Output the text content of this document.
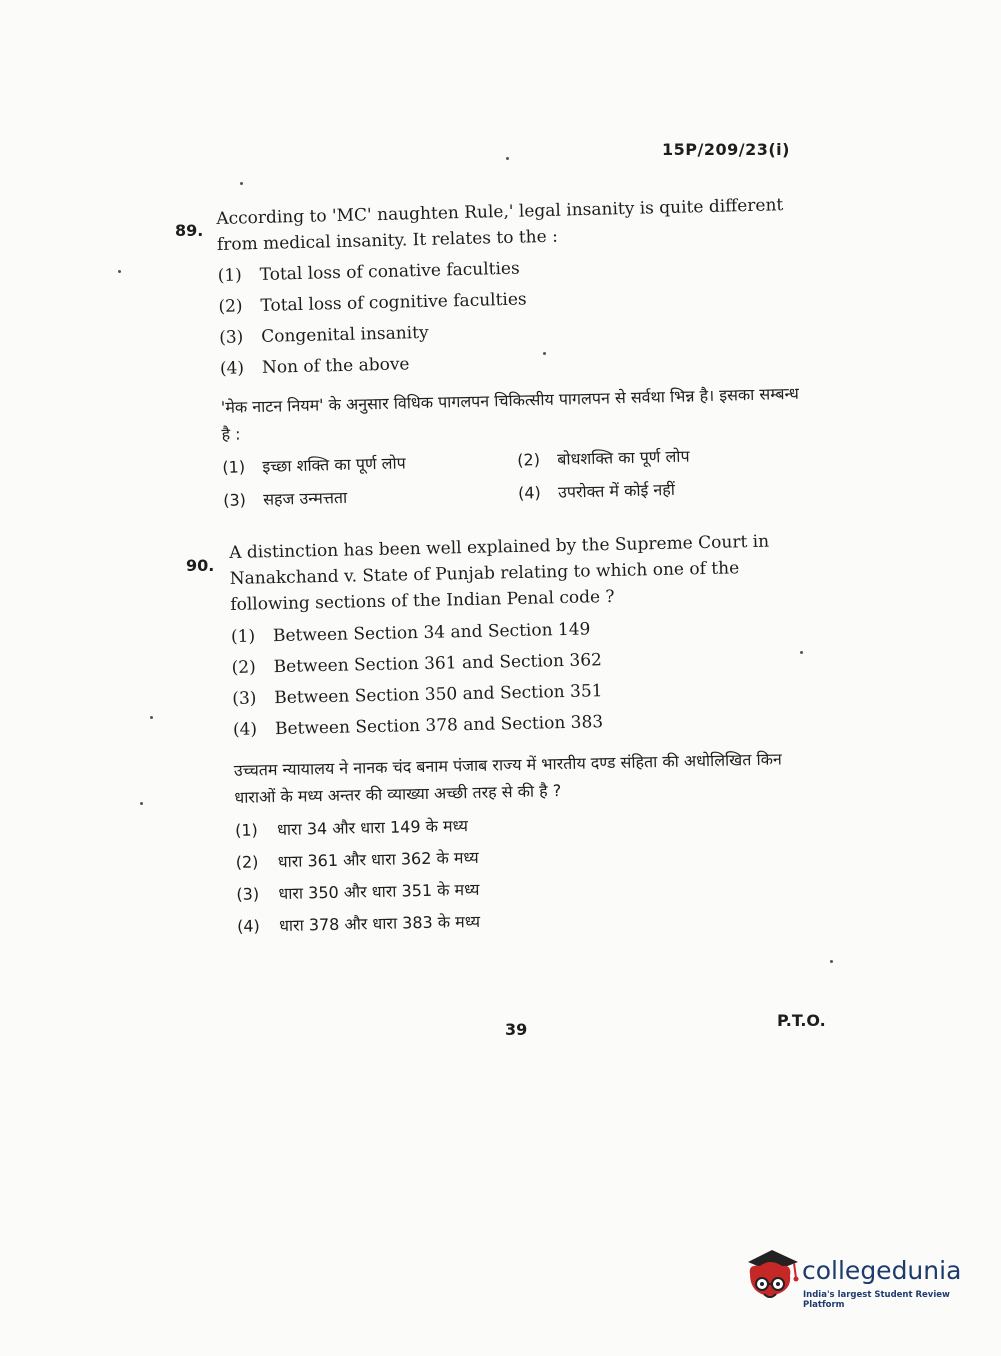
15P/209/23(i)
89.

According to 'MC' naughten Rule,' legal insanity is quite different from medical insanity. It relates to the :

(1)	Total loss of conative faculties
(2)	Total loss of cognitive faculties
(3)	Congenital insanity
(4)	Non of the above

'मेक नाटन नियम' के अनुसार विधिक पागलपन चिकित्सीय पागलपन से सर्वथा भिन्न है। इसका सम्बन्ध है :

(1)	इच्छा शक्ति का पूर्ण लोप	(2)	बोधशक्ति का पूर्ण लोप
(3)	सहज उन्मत्तता	(4)	उपरोक्त में कोई नहीं
90.

A distinction has been well explained by the Supreme Court in Nanakchand v. State of Punjab relating to which one of the following sections of the Indian Penal code ?

(1)	Between Section 34 and Section 149
(2)	Between Section 361 and Section 362
(3)	Between Section 350 and Section 351
(4)	Between Section 378 and Section 383

उच्चतम न्यायालय ने नानक चंद बनाम पंजाब राज्य में भारतीय दण्ड संहिता की अधोलिखित किन धाराओं के मध्य अन्तर की व्याख्या अच्छी तरह से की है ?

(1)	धारा 34 और धारा 149 के मध्य
(2)	धारा 361 और धारा 362 के मध्य
(3)	धारा 350 और धारा 351 के मध्य
(4)	धारा 378 और धारा 383 के मध्य
39	P.T.O.
collegedunia
India's largest Student Review Platform
